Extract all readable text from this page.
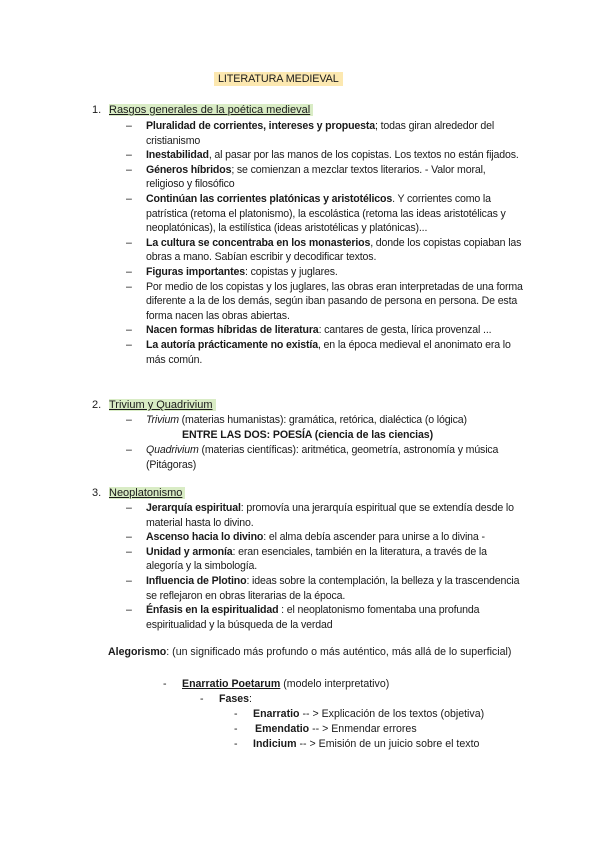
LITERATURA MEDIEVAL
1. Rasgos generales de la poética medieval
– Pluralidad de corrientes, intereses y propuesta; todas giran alrededor del cristianismo
– Inestabilidad, al pasar por las manos de los copistas. Los textos no están fijados.
– Géneros híbridos; se comienzan a mezclar textos literarios. - Valor moral, religioso y filosófico
– Continúan las corrientes platónicas y aristotélicos. Y corrientes como la patrística (retoma el platonismo), la escolástica (retoma las ideas aristotélicas y neoplatónicas), la estilística (ideas aristotélicas y platónicas)...
– La cultura se concentraba en los monasterios, donde los copistas copiaban las obras a mano. Sabían escribir y decodificar textos.
– Figuras importantes: copistas y juglares.
– Por medio de los copistas y los juglares, las obras eran interpretadas de una forma diferente a la de los demás, según iban pasando de persona en persona. De esta forma nacen las obras abiertas.
– Nacen formas híbridas de literatura: cantares de gesta, lírica provenzal ...
– La autoría prácticamente no existía, en la época medieval el anonimato era lo más común.
2. Trivium y Quadrivium
– Trivium (materias humanistas): gramática, retórica, dialéctica (o lógica)
ENTRE LAS DOS: POESÍA (ciencia de las ciencias)
– Quadrivium (materias científicas): aritmética, geometría, astronomía y música (Pitágoras)
3. Neoplatonismo
– Jerarquía espiritual: promovía una jerarquía espiritual que se extendía desde lo material hasta lo divino.
– Ascenso hacia lo divino: el alma debía ascender para unirse a lo divina -
– Unidad y armonía: eran esenciales, también en la literatura, a través de la alegoría y la simbología.
– Influencia de Plotino: ideas sobre la contemplación, la belleza y la trascendencia se reflejaron en obras literarias de la época.
– Énfasis en la espiritualidad : el neoplatonismo fomentaba una profunda espiritualidad y la búsqueda de la verdad
Alegorismo: (un significado más profundo o más auténtico, más allá de lo superficial)
- Enarratio Poetarum (modelo interpretativo)
- Fases:
- Enarratio -- > Explicación de los textos (objetiva)
- Emendatio -- > Enmendar errores
- Indicium -- > Emisión de un juicio sobre el texto
